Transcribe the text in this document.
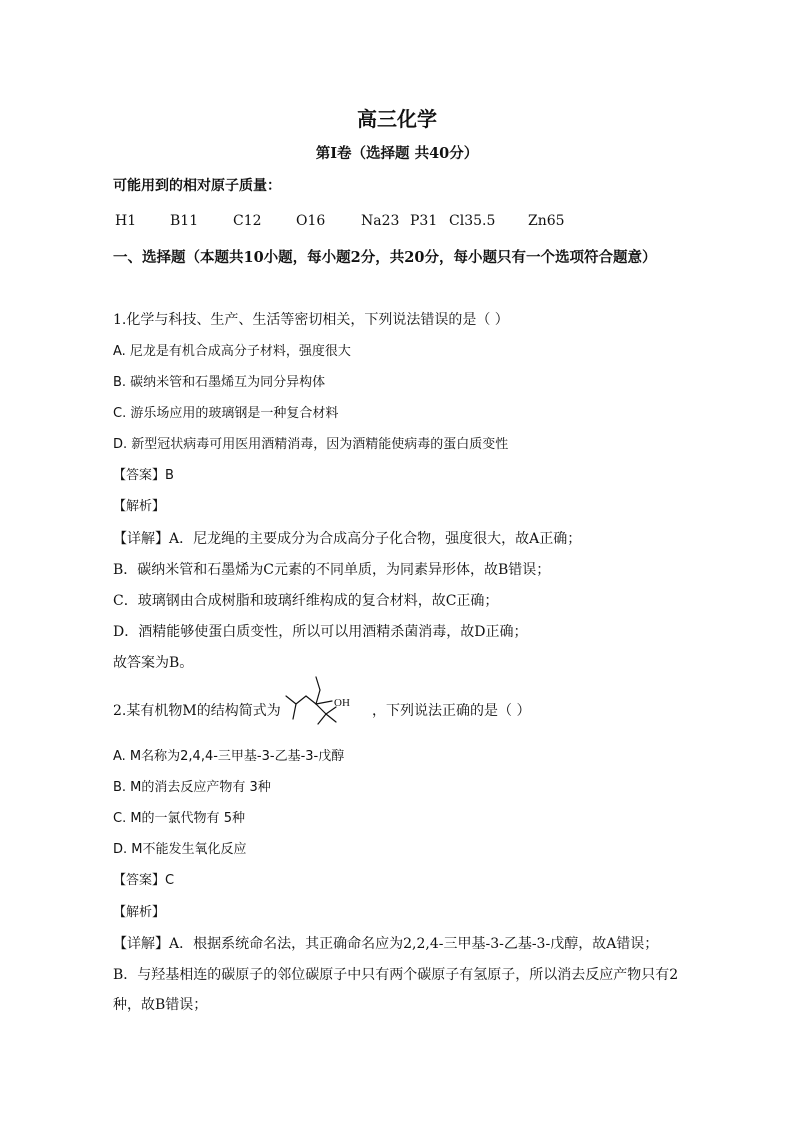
高三化学
第Ⅰ卷（选择题 共40分）
可能用到的相对原子质量：
H1 B11 C12 O16	Na23 P31 Cl35.5 Zn65
一、选择题（本题共10小题，每小题2分，共20分，每小题只有一个选项符合题意）
1.化学与科技、生产、生活等密切相关，下列说法错误的是（ ）
A. 尼龙是有机合成高分子材料，强度很大
B. 碳纳米管和石墨烯互为同分异构体
C. 游乐场应用的玻璃钢是一种复合材料
D. 新型冠状病毒可用医用酒精消毒，因为酒精能使病毒的蛋白质变性
【答案】B
【解析】
【详解】A．尼龙绳的主要成分为合成高分子化合物，强度很大，故A正确；
B．碳纳米管和石墨烯为C元素的不同单质，为同素异形体，故B错误；
C．玻璃钢由合成树脂和玻璃纤维构成的复合材料，故C正确；
D．酒精能够使蛋白质变性，所以可以用酒精杀菌消毒，故D正确；
故答案为B。
2.某有机物M的结构简式为	OH ，下列说法正确的是（ ）
A. M名称为2,4,4-三甲基-3-乙基-3-戊醇
B. M的消去反应产物有 3种
C. M的一氯代物有 5种
D. M不能发生氧化反应
【答案】C
【解析】
【详解】A．根据系统命名法，其正确命名应为2,2,4-三甲基-3-乙基-3-戊醇，故A错误；
B．与羟基相连的碳原子的邻位碳原子中只有两个碳原子有氢原子，所以消去反应产物只有2种，故B错误；
